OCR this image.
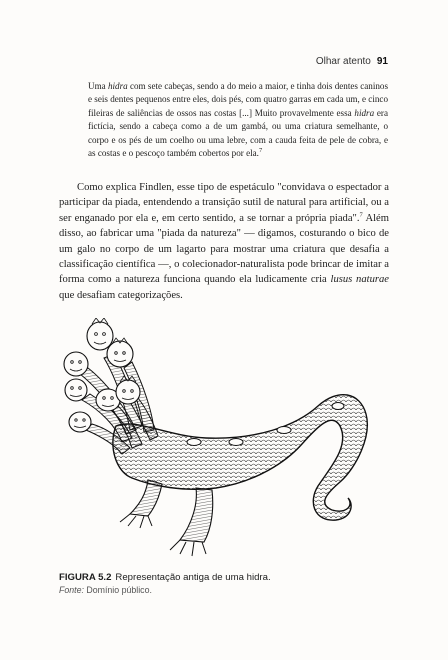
Olhar atento 91
Uma hidra com sete cabeças, sendo a do meio a maior, e tinha dois dentes caninos e seis dentes pequenos entre eles, dois pés, com quatro garras em cada um, e cinco fileiras de saliências de ossos nas costas [...] Muito provavelmente essa hidra era fictícia, sendo a cabeça como a de um gambá, ou uma criatura semelhante, o corpo e os pés de um coelho ou uma lebre, com a cauda feita de pele de cobra, e as costas e o pescoço também cobertos por ela.$^7$
Como explica Findlen, esse tipo de espetáculo "convidava o espectador a participar da piada, entendendo a transição sutil de natural para artificial, ou a ser enganado por ela e, em certo sentido, a se tornar a própria piada".$^7$ Além disso, ao fabricar uma "piada da natureza" — digamos, costurando o bico de um galo no corpo de um lagarto para mostrar uma criatura que desafia a classificação científica —, o colecionador-naturalista pode brincar de imitar a forma como a natureza funciona quando ela ludicamente cria lusus naturae que desafiam categorizações.
FIGURA 5.2 Representação antiga de uma hidra.
Fonte: Domínio público.
